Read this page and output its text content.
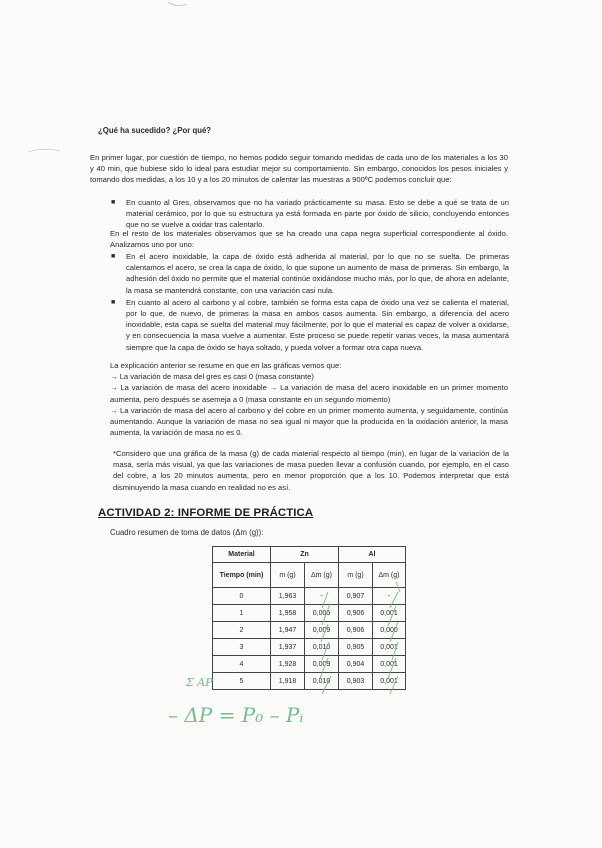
¿Qué ha sucedido? ¿Por qué?
En primer lugar, por cuestión de tiempo, no hemos podido seguir tomando medidas de cada uno de los materiales a los 30 y 40 min, que hubiese sido lo ideal para estudiar mejor su comportamiento. Sin embargo, conocidos los pesos iniciales y tomando dos medidas, a los 10 y a los 20 minutos de calentar las muestras a 900ºC podemos concluir que:
■ En cuanto al Gres, observamos que no ha variado prácticamente su masa. Esto se debe a qué se trata de un material cerámico, por lo que su estructura ya está formada en parte por óxido de silicio, concluyendo entonces que no se vuelve a oxidar tras calentarlo.
En el resto de los materiales observamos que se ha creado una capa negra superficial correspondiente al óxido. Analizamos uno por uno:
■ En el acero inoxidable, la capa de óxido está adherida al material, por lo que no se suelta. De primeras calentamos el acero, se crea la capa de óxido, lo que supone un aumento de masa de primeras. Sin embargo, la adhesión del óxido no permite que el material continúe oxidándose mucho más, por lo que, de ahora en adelante, la masa se mantendrá constante, con una variación casi nula.
■ En cuanto al acero al carbono y al cobre, también se forma esta capa de óxido una vez se calienta el material, por lo que, de nuevo, de primeras la masa en ambos casos aumenta. Sin embargo, a diferencia del acero inoxidable, esta capa se suelta del material muy fácilmente, por lo que el material es capaz de volver a oxidarse, y en consecuencia la masa vuelve a aumentar. Este proceso se puede repetir varias veces, la masa aumentará siempre que la capa de óxido se haya soltado, y pueda volver a formar otra capa nueva.
La explicación anterior se resume en que en las gráficas vemos que:
→ La variación de masa del gres es casi 0 (masa constante)
→ La variación de masa del acero inoxidable → La variación de masa del acero inoxidable en un primer momento aumenta, pero después se asemeja a 0 (masa constante en un segundo momento)
→ La variación de masa del acero al carbono y del cobre en un primer momento aumenta, y seguidamente, continúa aumentando. Aunque la variación de masa no sea igual ni mayor que la producida en la oxidación anterior, la masa aumenta, la variación de masa no es 0.
*Considero que una gráfica de la masa (g) de cada material respecto al tiempo (min), en lugar de la variación de la masa, sería más visual, ya que las variaciones de masa pueden llevar a confusión cuando, por ejemplo, en el caso del cobre, a los 20 minutos aumenta, pero en menor proporción que a los 10. Podemos interpretar que está disminuyendo la masa cuando en realidad no es así.
ACTIVIDAD 2: INFORME DE PRÁCTICA
Cuadro resumen de toma de datos (Δm (g)):
Material	Zn		Al	
Tiempo (min)	m (g)	Δm (g)	m (g)	Δm (g)
0	1,963	-	0,907	-
1	1,958	0,005	0,906	0,001
2	1,947	0,009	0,906	0,000
3	1,937	0,010	0,905	0,001
4	1,928	0,009	0,904	0,001
5	1,918	0,010	0,903	0,001
– ΔP = P₀ – Pᵢ
Σ AP
